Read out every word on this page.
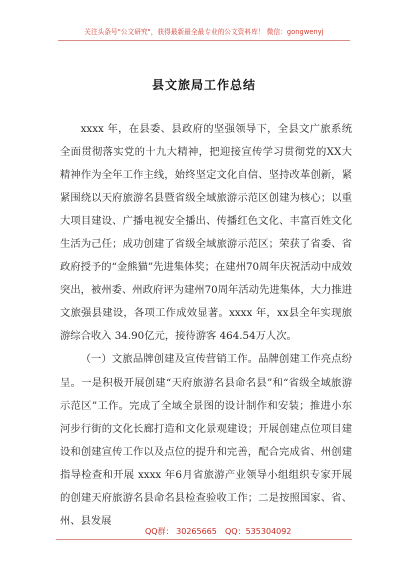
关注头条号"公文研究"，获得最新最全最专业的公文资料库！ 微信：gongwenyj
县文旅局工作总结

xxxx 年，在县委、县政府的坚强领导下，全县文广旅系统全面贯彻落实党的十九大精神，把迎接宣传学习贯彻党的XX大精神作为全年工作主线，始终坚定文化自信、坚持改革创新，紧紧围绕以天府旅游名县暨省级全域旅游示范区创建为核心；以重大项目建设、广播电视安全播出、传播红色文化、丰富百姓文化生活为己任；成功创建了省级全域旅游示范区；荣获了省委、省政府授予的“金熊猫”先进集体奖；在建州70周年庆祝活动中成效突出，被州委、州政府评为建州70周年活动先进集体，大力推进文旅强县建设，各项工作成效显著。xxxx 年，xx县全年实现旅游综合收入 34.90亿元，接待游客 464.54万人次。

（一）文旅品牌创建及宣传营销工作。品牌创建工作亮点纷呈。一是积极开展创建“天府旅游名县命名县”和“省级全域旅游示范区”工作。完成了全域全景图的设计制作和安装；推进小东河步行街的文化长廊打造和文化景观建设；开展创建点位项目建设和创建宣传工作以及点位的提升和完善，配合完成省、州创建指导检查和开展 xxxx 年6月省旅游产业领导小组组织专家开展的创建天府旅游名县命名县检查验收工作；二是按照国家、省、州、县发展

QQ群： 30265665 QQ：535304092
